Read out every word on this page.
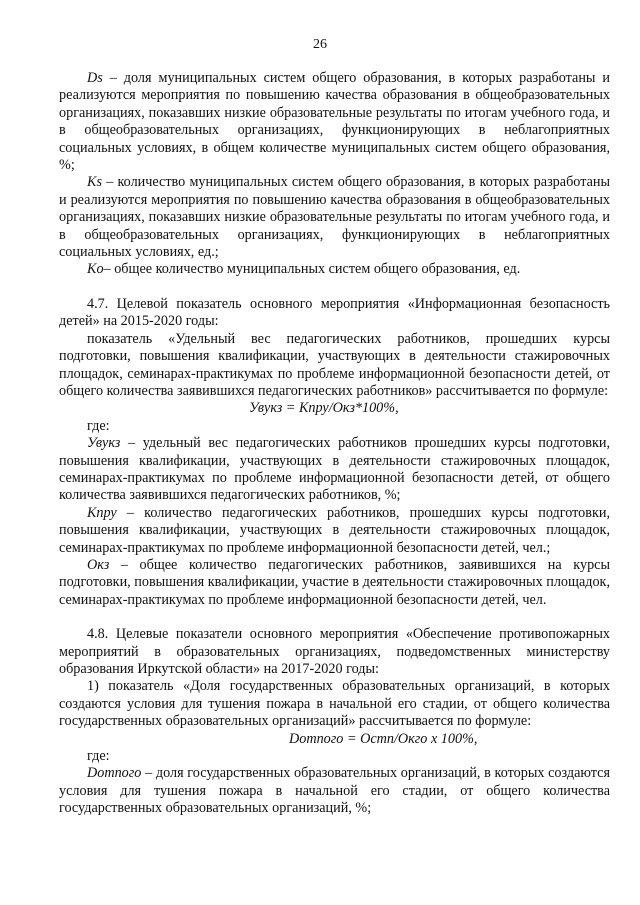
26

Ds – доля муниципальных систем общего образования, в которых разработаны и реализуются мероприятия по повышению качества образования в общеобразовательных организациях, показавших низкие образовательные результаты по итогам учебного года, и в общеобразовательных организациях, функционирующих в неблагоприятных социальных условиях, в общем количестве муниципальных систем общего образования, %;

Ks – количество муниципальных систем общего образования, в которых разработаны и реализуются мероприятия по повышению качества образования в общеобразовательных организациях, показавших низкие образовательные результаты по итогам учебного года, и в общеобразовательных организациях, функционирующих в неблагоприятных социальных условиях, ед.;

Ko– общее количество муниципальных систем общего образования, ед.

4.7. Целевой показатель основного мероприятия «Информационная безопасность детей» на 2015-2020 годы:

показатель «Удельный вес педагогических работников, прошедших курсы подготовки, повышения квалификации, участвующих в деятельности стажировочных площадок, семинарах-практикумах по проблеме информационной безопасности детей, от общего количества заявившихся педагогических работников» рассчитывается по формуле:

Увукз = Кпру/Окз*100%,

где:

Увукз – удельный вес педагогических работников прошедших курсы подготовки, повышения квалификации, участвующих в деятельности стажировочных площадок, семинарах-практикумах по проблеме информационной безопасности детей, от общего количества заявившихся педагогических работников, %;

Кпру – количество педагогических работников, прошедших курсы подготовки, повышения квалификации, участвующих в деятельности стажировочных площадок, семинарах-практикумах по проблеме информационной безопасности детей, чел.;

Окз – общее количество педагогических работников, заявившихся на курсы подготовки, повышения квалификации, участие в деятельности стажировочных площадок, семинарах-практикумах по проблеме информационной безопасности детей, чел.

4.8. Целевые показатели основного мероприятия «Обеспечение противопожарных мероприятий в образовательных организациях, подведомственных министерству образования Иркутской области» на 2017-2020 годы:

1) показатель «Доля государственных образовательных организаций, в которых создаются условия для тушения пожара в начальной его стадии, от общего количества государственных образовательных организаций» рассчитывается по формуле:

Dотпого = Остп/Окго х 100%,

где:

Dотпого – доля государственных образовательных организаций, в которых создаются условия для тушения пожара в начальной его стадии, от общего количества государственных образовательных организаций, %;
